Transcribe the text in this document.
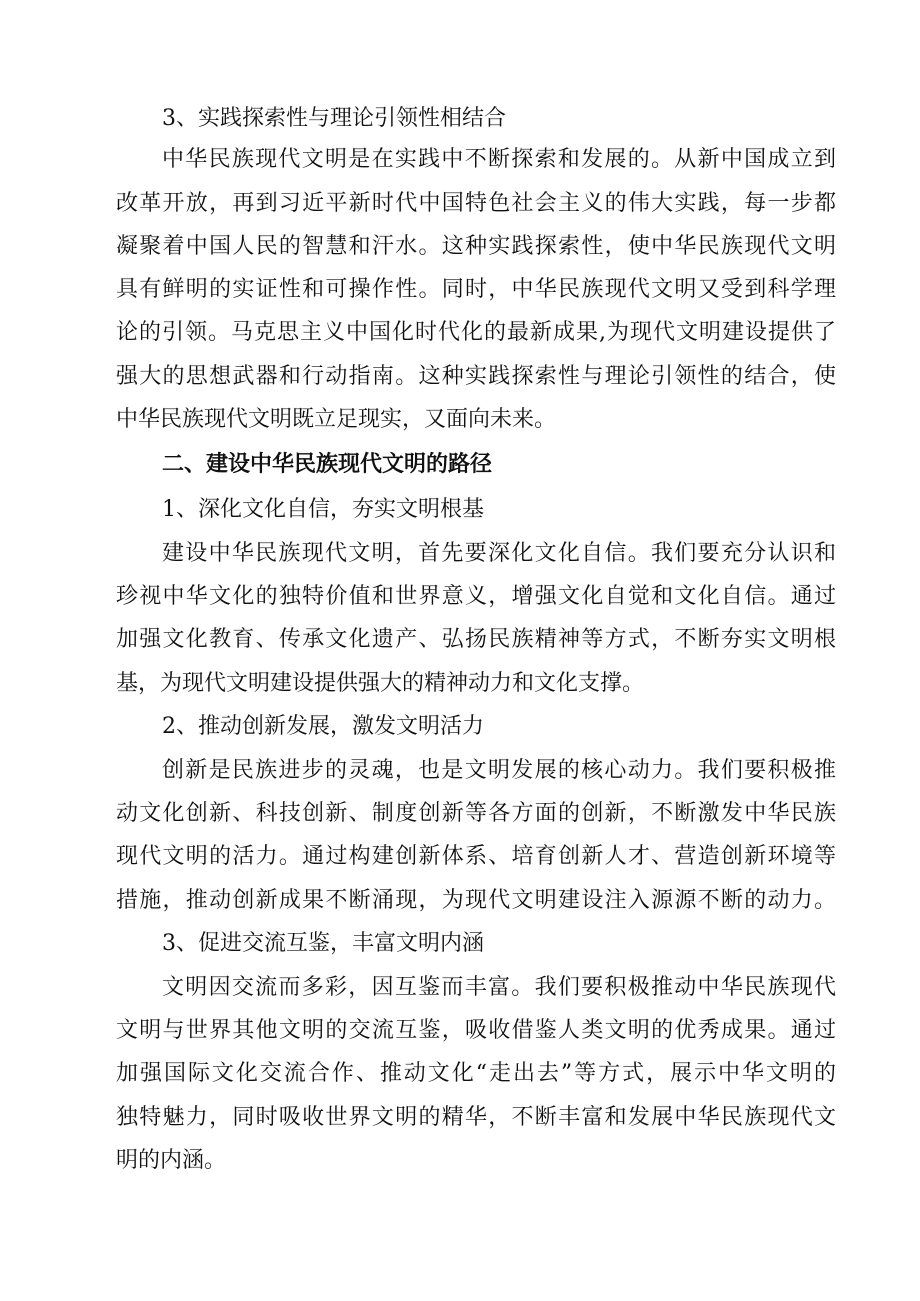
3、实践探索性与理论引领性相结合
中华民族现代文明是在实践中不断探索和发展的。从新中国成立到
改革开放，再到习近平新时代中国特色社会主义的伟大实践，每一步都
凝聚着中国人民的智慧和汗水。这种实践探索性，使中华民族现代文明
具有鲜明的实证性和可操作性。同时，中华民族现代文明又受到科学理
论的引领。马克思主义中国化时代化的最新成果,为现代文明建设提供了
强大的思想武器和行动指南。这种实践探索性与理论引领性的结合，使
中华民族现代文明既立足现实，又面向未来。
二、建设中华民族现代文明的路径
1、深化文化自信，夯实文明根基
建设中华民族现代文明，首先要深化文化自信。我们要充分认识和
珍视中华文化的独特价值和世界意义，增强文化自觉和文化自信。通过
加强文化教育、传承文化遗产、弘扬民族精神等方式，不断夯实文明根
基，为现代文明建设提供强大的精神动力和文化支撑。
2、推动创新发展，激发文明活力
创新是民族进步的灵魂，也是文明发展的核心动力。我们要积极推
动文化创新、科技创新、制度创新等各方面的创新，不断激发中华民族
现代文明的活力。通过构建创新体系、培育创新人才、营造创新环境等
措施，推动创新成果不断涌现，为现代文明建设注入源源不断的动力。
3、促进交流互鉴，丰富文明内涵
文明因交流而多彩，因互鉴而丰富。我们要积极推动中华民族现代
文明与世界其他文明的交流互鉴，吸收借鉴人类文明的优秀成果。通过
加强国际文化交流合作、推动文化“走出去”等方式，展示中华文明的
独特魅力，同时吸收世界文明的精华，不断丰富和发展中华民族现代文
明的内涵。
